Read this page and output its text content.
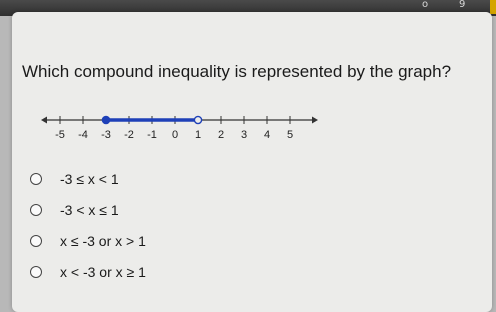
o	9
Which compound inequality is represented by the graph?
-5 -4 -3 -2 -1 0 1 2 3 4 5
-3 ≤ x < 1
-3 < x ≤ 1
x ≤ -3 or x > 1
x < -3 or x ≥ 1
